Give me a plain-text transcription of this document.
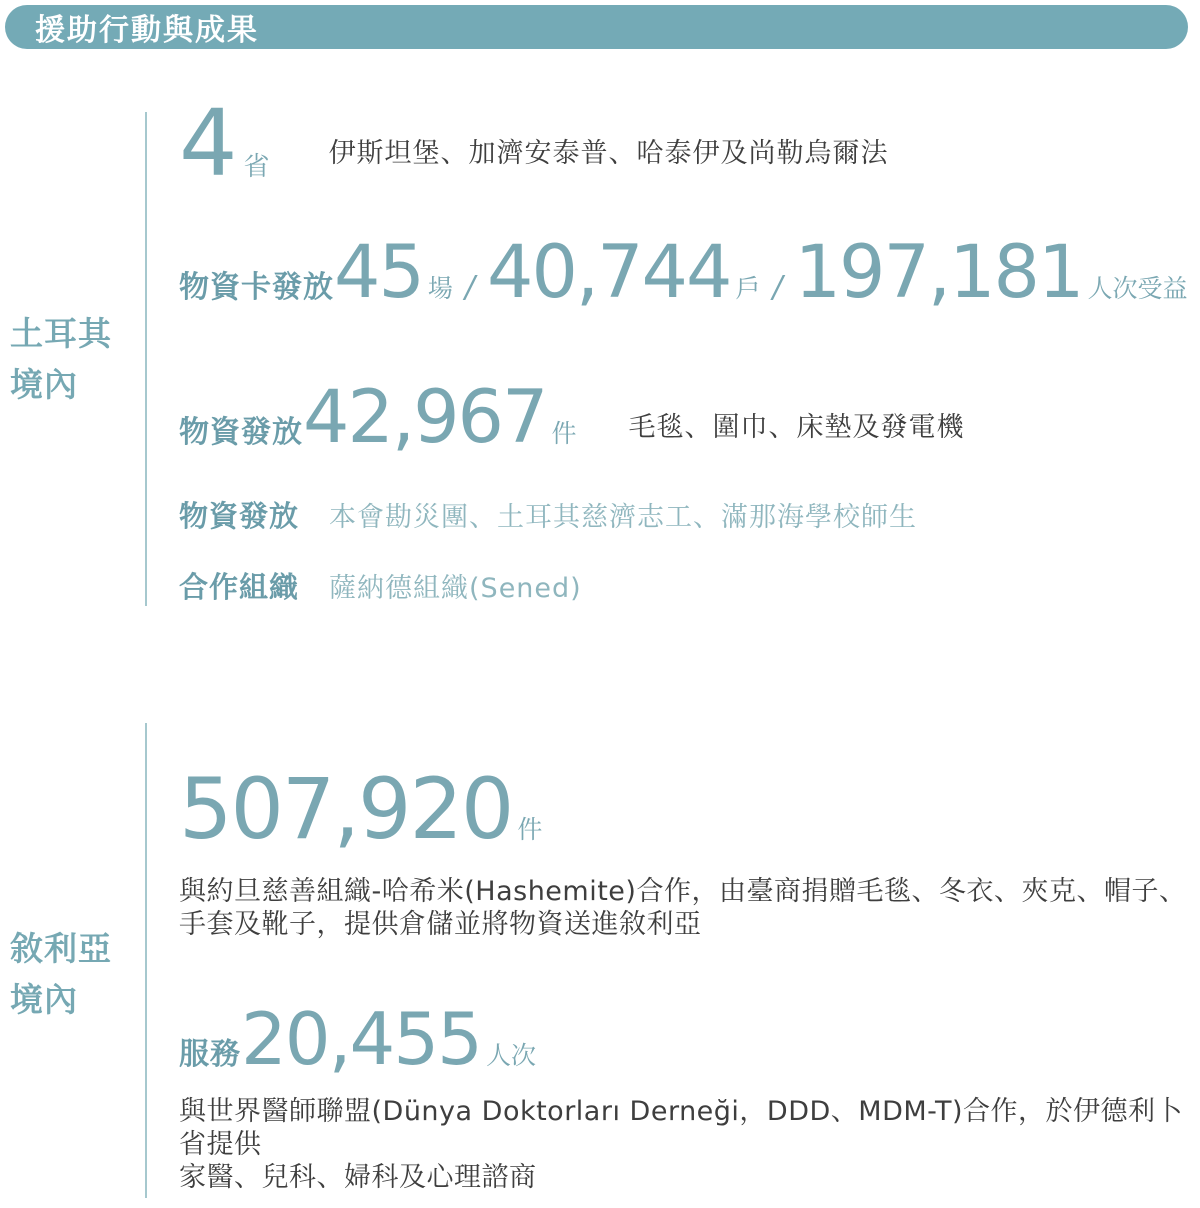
援助行動與成果
土耳其
境內
4 省 伊斯坦堡、加濟安泰普、哈泰伊及尚勒烏爾法
物資卡發放 45 場 / 40,744 戶 / 197,181 人次受益
物資發放 42,967 件 毛毯、圍巾、床墊及發電機
物資發放 本會勘災團、土耳其慈濟志工、滿那海學校師生
合作組織 薩納德組織(Sened)
敘利亞
境內
507,920 件
與約旦慈善組織-哈希米(Hashemite)合作，由臺商捐贈毛毯、冬衣、夾克、帽子、
手套及靴子，提供倉儲並將物資送進敘利亞
服務 20,455 人次
與世界醫師聯盟(Dünya Doktorları Derneği，DDD、MDM-T)合作，於伊德利卜省提供
家醫、兒科、婦科及心理諮商
